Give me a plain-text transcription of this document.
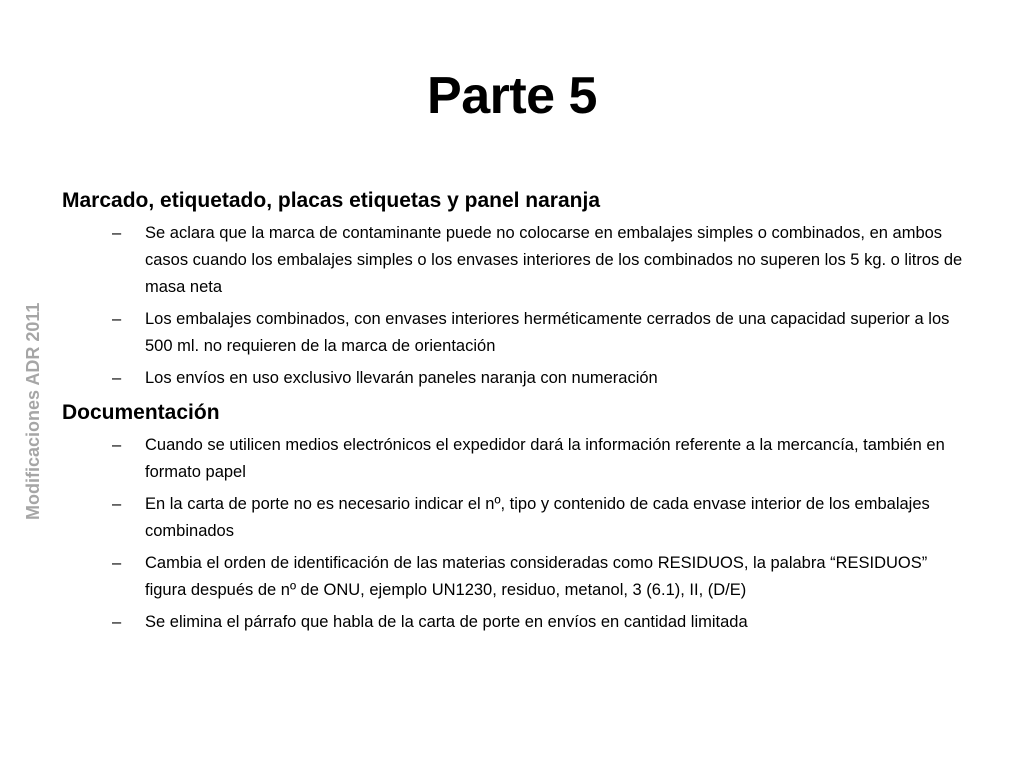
Parte 5
Modificaciones ADR 2011
Marcado, etiquetado, placas etiquetas y panel naranja
– Se aclara que la marca de contaminante puede no colocarse en embalajes simples o combinados, en ambos casos cuando los embalajes simples o los envases interiores de los combinados no superen los 5 kg. o litros de masa neta
– Los embalajes combinados, con envases interiores herméticamente cerrados de una capacidad superior a los 500 ml. no requieren de la marca de orientación
– Los envíos en uso exclusivo llevarán paneles naranja con numeración
Documentación
– Cuando se utilicen medios electrónicos el expedidor dará la información referente a la mercancía, también en formato papel
– En la carta de porte no es necesario indicar el nº, tipo y contenido de cada envase interior de los embalajes combinados
– Cambia el orden de identificación de las materias consideradas como RESIDUOS, la palabra “RESIDUOS” figura después de nº de ONU, ejemplo UN1230, residuo, metanol, 3 (6.1), II, (D/E)
– Se elimina el párrafo que habla de la carta de porte en envíos en cantidad limitada
